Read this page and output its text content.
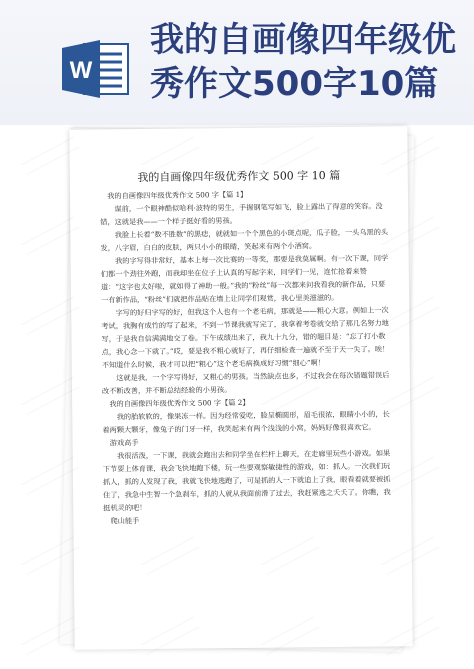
W
我的自画像四年级优秀作文500字10篇
我的自画像四年级优秀作文 500 字 10 篇

我的自画像四年级优秀作文 500 字【篇 1】

谋前，一个眼神酷似哈利·波特的男生，手握钢笔写如飞，脸上露出了得意的笑容。没错，这就是我——一个样子挺好看的男孩。

我脸上长着“数不胜数”的黑痣，就就如一个个黑色的小斑点呢，瓜子脸，一头乌黑的头发，八字眉，白白的皮肤，两只小小的眼睛，笑起来有两个小酒窝。

我的字写得非常好，基本上每一次比赛的一等奖，那要是我莫属啊。有一次下课，同学们都一个劲往外跑，而我却坐在位子上认真的写起字来，同学们一见，连忙抢着来赞道：“这字也太好啦，就如得了神助一般。”我的“粉丝”每一次都来问我看我的新作品，只要一有新作品，“粉丝”们就把作品贴在墙上让同学们观赏，我心里美滋滋的。

字写的好归字写的好，但我这个人也有一个老毛病，那就是——粗心大意。例如上一次考试，我胸有成竹的写了起来，不到一节课我就写完了，我拿着考卷就交给了那几名努力地写，于是我自信满满地交了卷。下午成绩出来了，我九十九分，错的题目是：“忘了打小数点，我心念一下就了。”哎，要是我不粗心就好了，再仔细检查一遍就不至于天一失了。唉！不知道什么时候，我才可以把“粗心”这个老毛病换成好习惯“细心”啊！

这就是我，一个字写得好，又粗心的男孩。当然缺点也多，不过我会在每次错题错误后改不断改善，并不断总结经验的小男孩。

我的自画像四年级优秀作文 500 字【篇 2】

我的胎软软的，像果冻一样。因为经常爱吃，脸呈椭圆形，眉毛很浓，眼睛小小的，长着两颗大颗牙，像兔子的门牙一样，我笑起来有两个浅浅的小窝，妈妈好像很喜欢它。

游戏高手

我很活泼，一下课，我就会跑出去和同学坐在栏杆上聊天，在走廊里玩些小游戏。如果下节要上体育课，我会飞快地跑下楼，玩一些要观察敏捷性的游戏，如：抓人。一次我们玩抓人，抓的人发现了我，我就飞快地逃跑了，可是抓的人一下就追上了我，眼看着就要被抓住了，我急中生智一个急刹车，抓的人就从我面前滑了过去，我赶紧逃之夭夭了。你瞧，我挺机灵的吧！

爬山能手
